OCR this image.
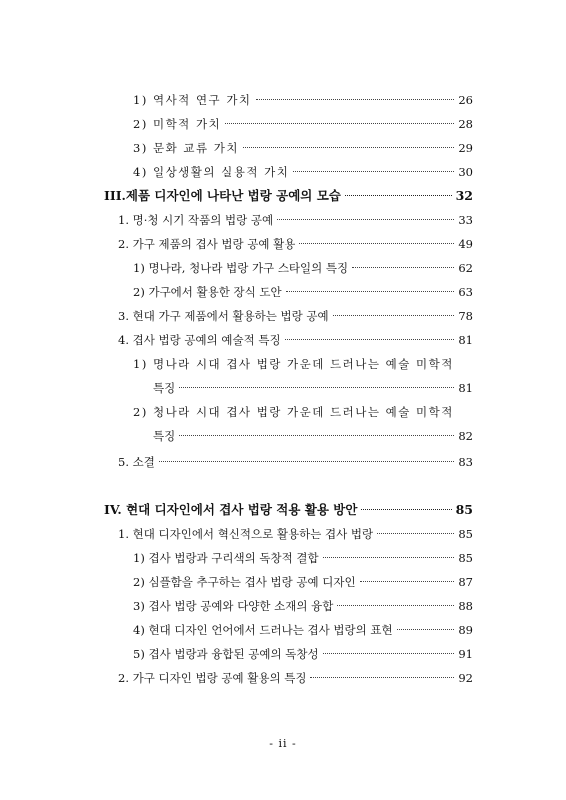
1) 역사적 연구 가치	26
2) 미학적 가치	28
3) 문화 교류 가치	29
4) 일상생활의 실용적 가치	30
III.제품 디자인에 나타난 법랑 공예의 모습	32
1. 명·청 시기 작품의 법랑 공예	33
2. 가구 제품의 겹사 법랑 공예 활용	49
1) 명나라, 청나라 법랑 가구 스타일의 특징	62
2) 가구에서 활용한 장식 도안	63
3. 현대 가구 제품에서 활용하는 법랑 공예	78
4. 겹사 법랑 공예의 예술적 특징	81
1) 명나라 시대 겹사 법랑 가운데 드러나는 예술 미학적
특징	81
2) 청나라 시대 겹사 법랑 가운데 드러나는 예술 미학적
특징	82
5. 소결	83
IV. 현대 디자인에서 겹사 법랑 적용 활용 방안	85
1. 현대 디자인에서 혁신적으로 활용하는 겹사 법랑	85
1) 겹사 법랑과 구리색의 독창적 결합	85
2) 심플함을 추구하는 겹사 법랑 공예 디자인	87
3) 겹사 법랑 공예와 다양한 소재의 융합	88
4) 현대 디자인 언어에서 드러나는 겹사 법랑의 표현	89
5) 겹사 법랑과 융합된 공예의 독창성	91
2. 가구 디자인 법랑 공예 활용의 특징	92
- ii -
